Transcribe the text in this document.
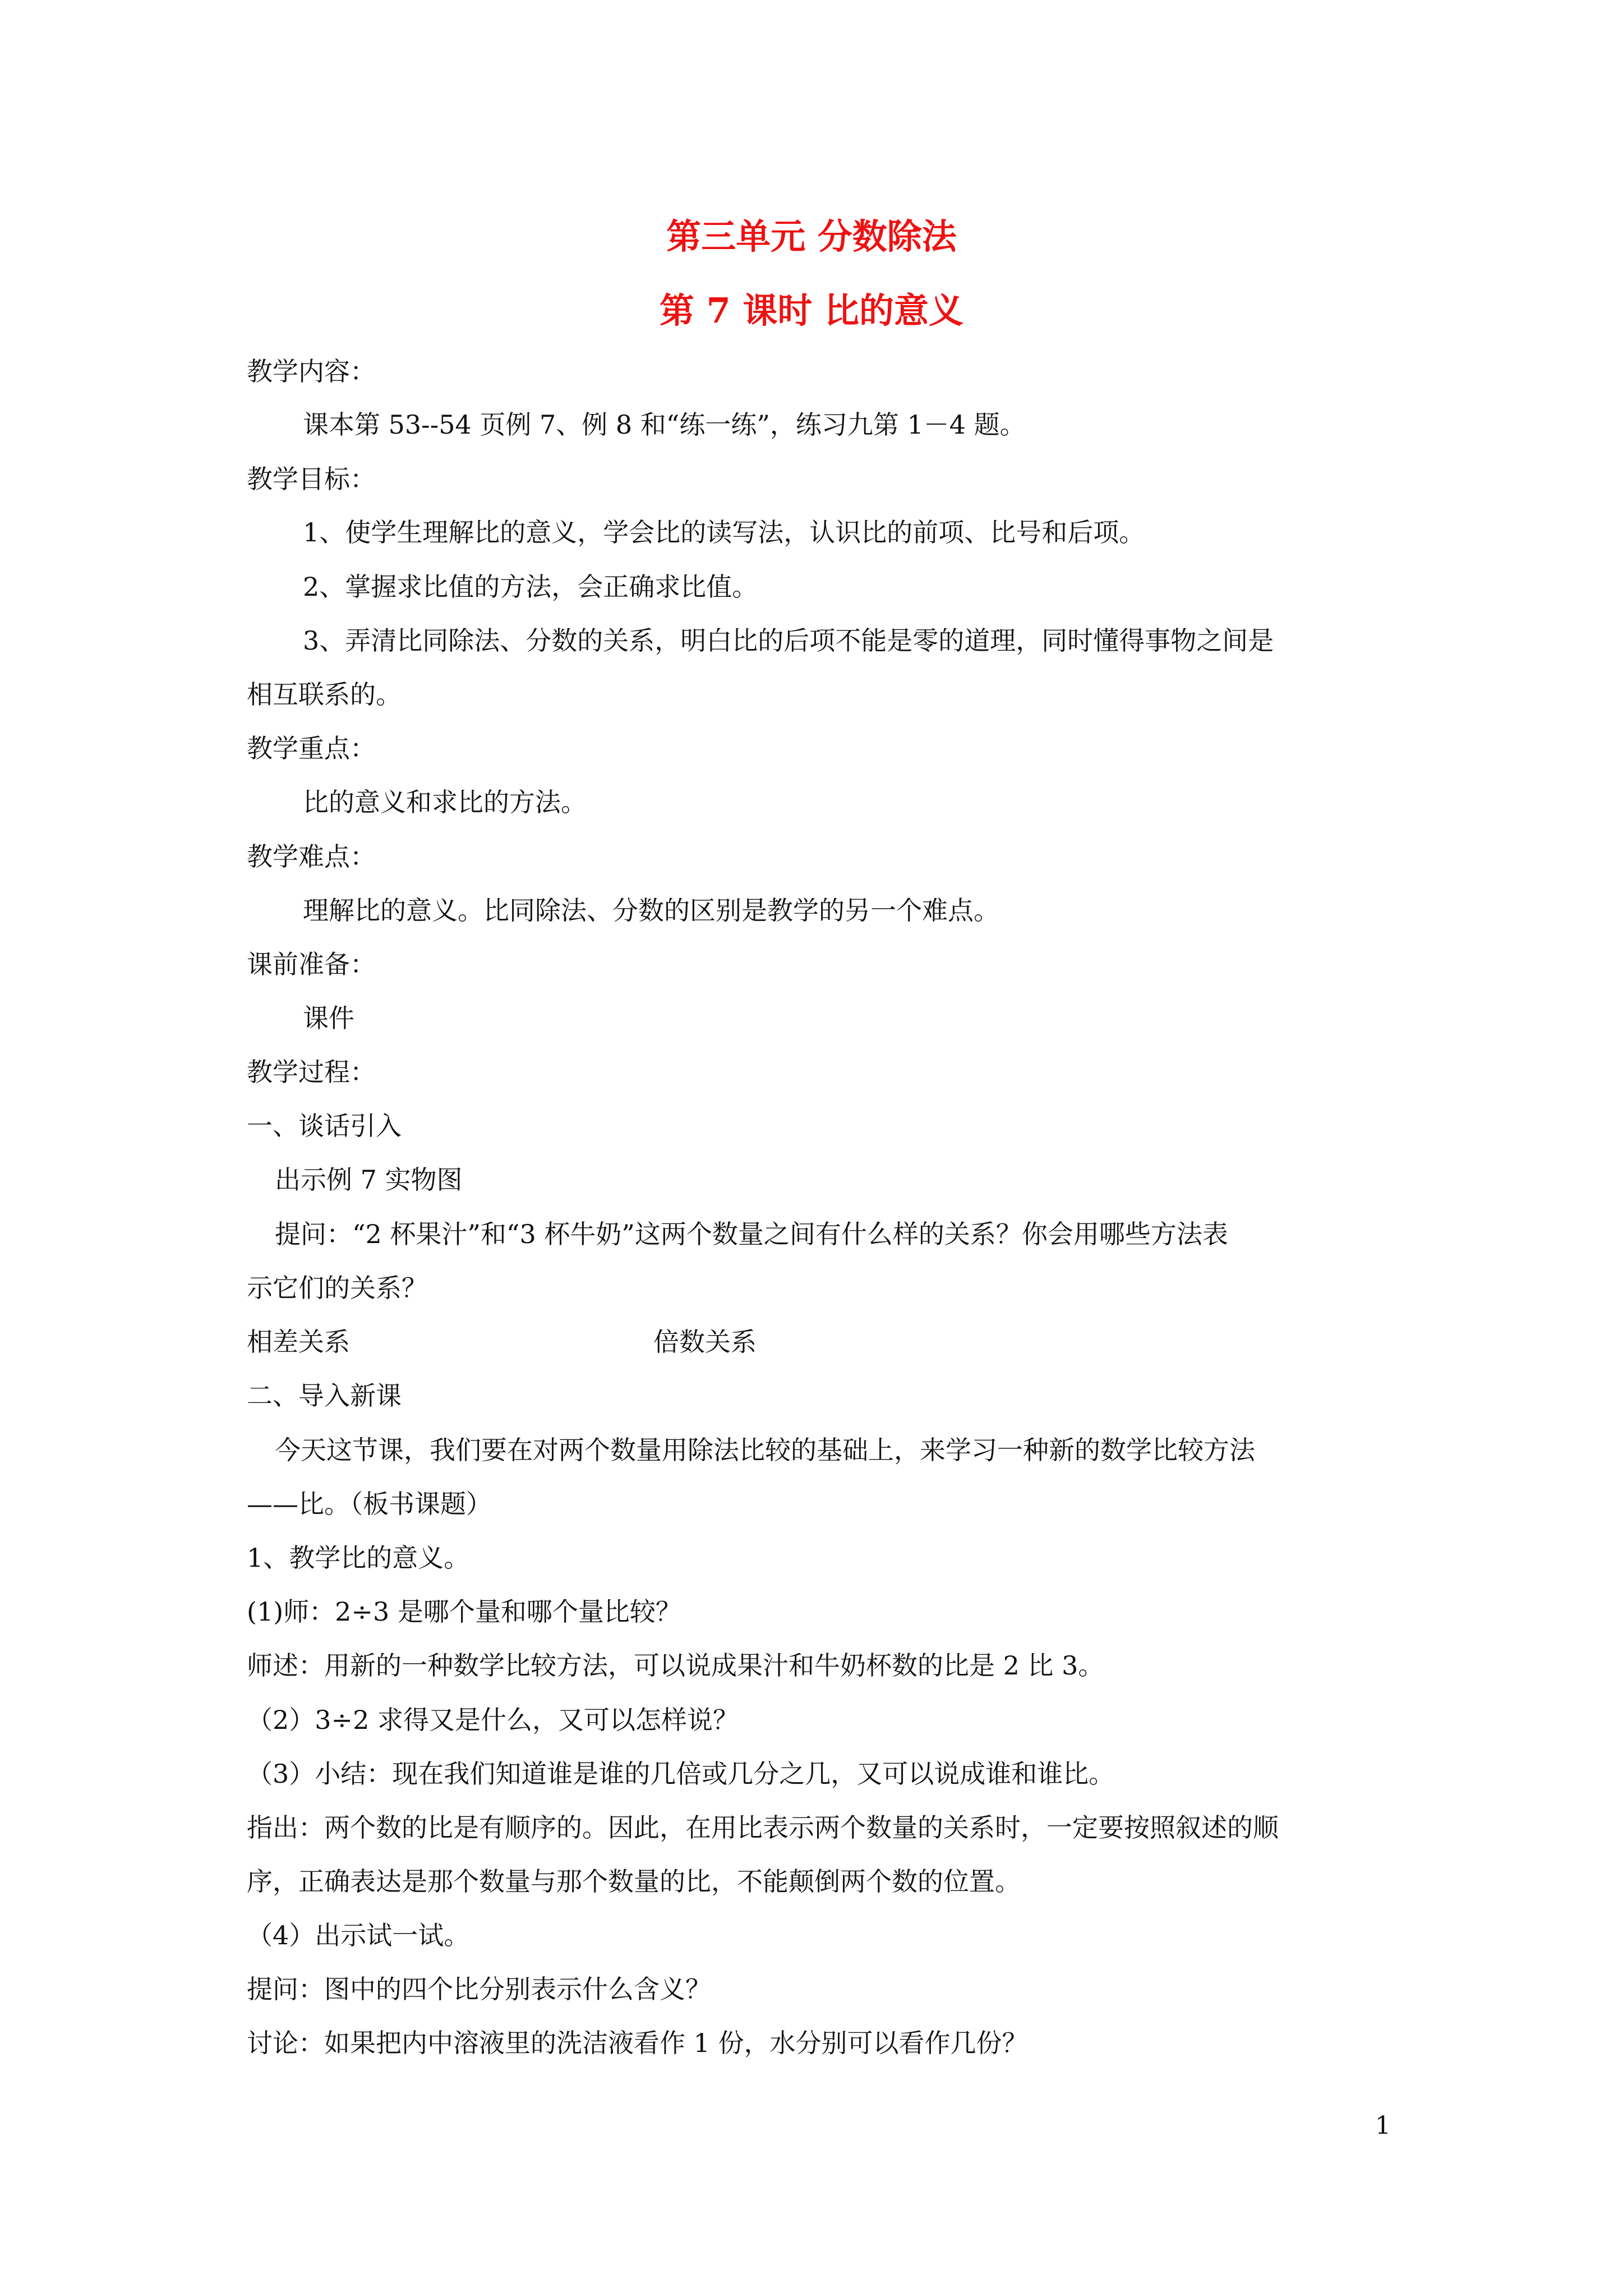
第三单元 分数除法
第 7 课时 比的意义
教学内容：
课本第 53--54 页例 7、例 8 和“练一练”，练习九第 1－4 题。
教学目标：
1、使学生理解比的意义，学会比的读写法，认识比的前项、比号和后项。
2、掌握求比值的方法，会正确求比值。
3、弄清比同除法、分数的关系，明白比的后项不能是零的道理，同时懂得事物之间是
相互联系的。
教学重点：
比的意义和求比的方法。
教学难点：
理解比的意义。比同除法、分数的区别是教学的另一个难点。
课前准备：
课件
教学过程：
一、谈话引入
出示例 7 实物图
提问：“2 杯果汁”和“3 杯牛奶”这两个数量之间有什么样的关系？你会用哪些方法表
示它们的关系？
相差关系	倍数关系
二、导入新课
今天这节课，我们要在对两个数量用除法比较的基础上，来学习一种新的数学比较方法
——比。（板书课题）
1、教学比的意义。
(1)师：2÷3 是哪个量和哪个量比较？
师述：用新的一种数学比较方法，可以说成果汁和牛奶杯数的比是 2 比 3。
（2）3÷2 求得又是什么，又可以怎样说？
（3）小结：现在我们知道谁是谁的几倍或几分之几，又可以说成谁和谁比。
指出：两个数的比是有顺序的。因此，在用比表示两个数量的关系时，一定要按照叙述的顺
序，正确表达是那个数量与那个数量的比，不能颠倒两个数的位置。
（4）出示试一试。
提问：图中的四个比分别表示什么含义？
讨论：如果把内中溶液里的洗洁液看作 1 份，水分别可以看作几份？
1
